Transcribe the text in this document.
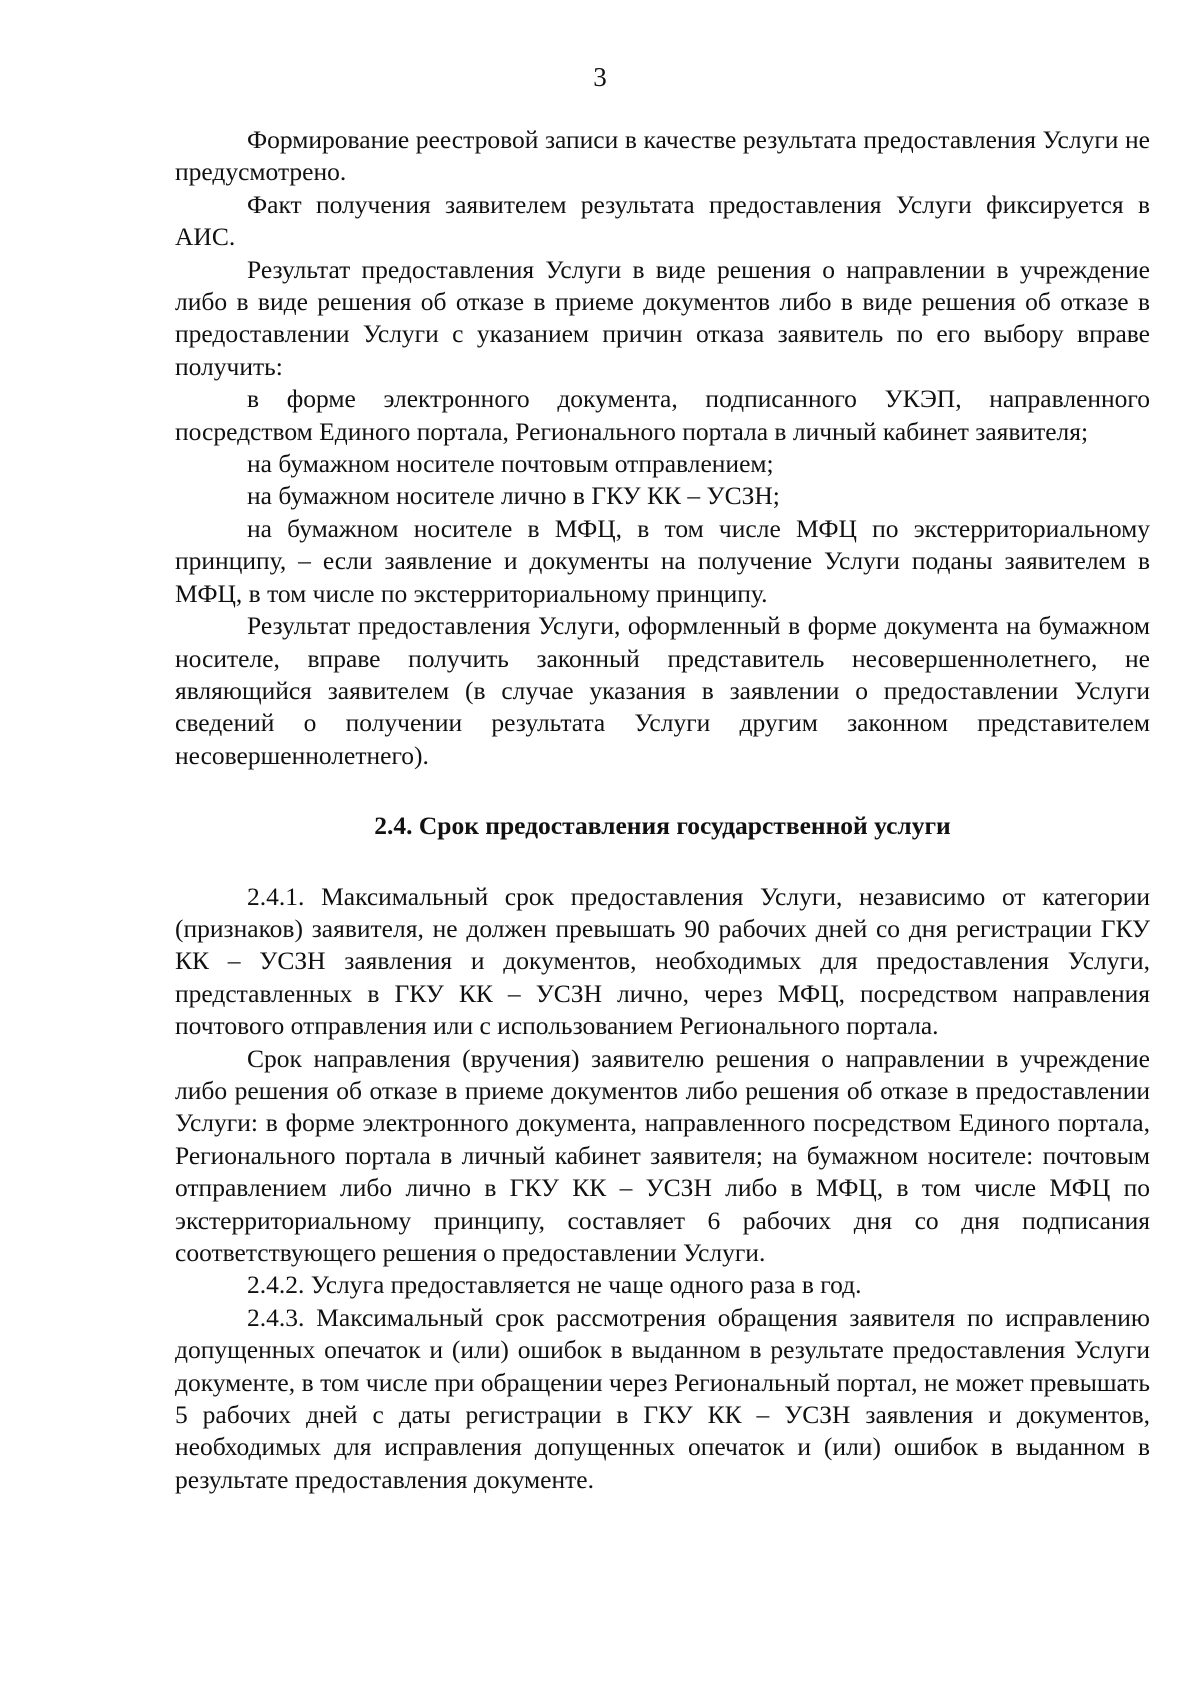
3

Формирование реестровой записи в качестве результата предоставления Услуги не предусмотрено.

Факт получения заявителем результата предоставления Услуги фиксируется в АИС.

Результат предоставления Услуги в виде решения о направлении в учреждение либо в виде решения об отказе в приеме документов либо в виде решения об отказе в предоставлении Услуги с указанием причин отказа заявитель по его выбору вправе получить:

в форме электронного документа, подписанного УКЭП, направленного посредством Единого портала, Регионального портала в личный кабинет заявителя;

на бумажном носителе почтовым отправлением;

на бумажном носителе лично в ГКУ КК – УСЗН;

на бумажном носителе в МФЦ, в том числе МФЦ по экстерриториальному принципу, – если заявление и документы на получение Услуги поданы заявителем в МФЦ, в том числе по экстерриториальному принципу.

Результат предоставления Услуги, оформленный в форме документа на бумажном носителе, вправе получить законный представитель несовершеннолетнего, не являющийся заявителем (в случае указания в заявлении о предоставлении Услуги сведений о получении результата Услуги другим законном представителем несовершеннолетнего).

2.4. Срок предоставления государственной услуги

2.4.1. Максимальный срок предоставления Услуги, независимо от категории (признаков) заявителя, не должен превышать 90 рабочих дней со дня регистрации ГКУ КК – УСЗН заявления и документов, необходимых для предоставления Услуги, представленных в ГКУ КК – УСЗН лично, через МФЦ, посредством направления почтового отправления или с использованием Регионального портала.

Срок направления (вручения) заявителю решения о направлении в учреждение либо решения об отказе в приеме документов либо решения об отказе в предоставлении Услуги: в форме электронного документа, направленного посредством Единого портала, Регионального портала в личный кабинет заявителя; на бумажном носителе: почтовым отправлением либо лично в ГКУ КК – УСЗН либо в МФЦ, в том числе МФЦ по экстерриториальному принципу, составляет 6 рабочих дня со дня подписания соответствующего решения о предоставлении Услуги.

2.4.2. Услуга предоставляется не чаще одного раза в год.

2.4.3. Максимальный срок рассмотрения обращения заявителя по исправлению допущенных опечаток и (или) ошибок в выданном в результате предоставления Услуги документе, в том числе при обращении через Региональный портал, не может превышать 5 рабочих дней с даты регистрации в ГКУ КК – УСЗН заявления и документов, необходимых для исправления допущенных опечаток и (или) ошибок в выданном в результате предоставления документе.
